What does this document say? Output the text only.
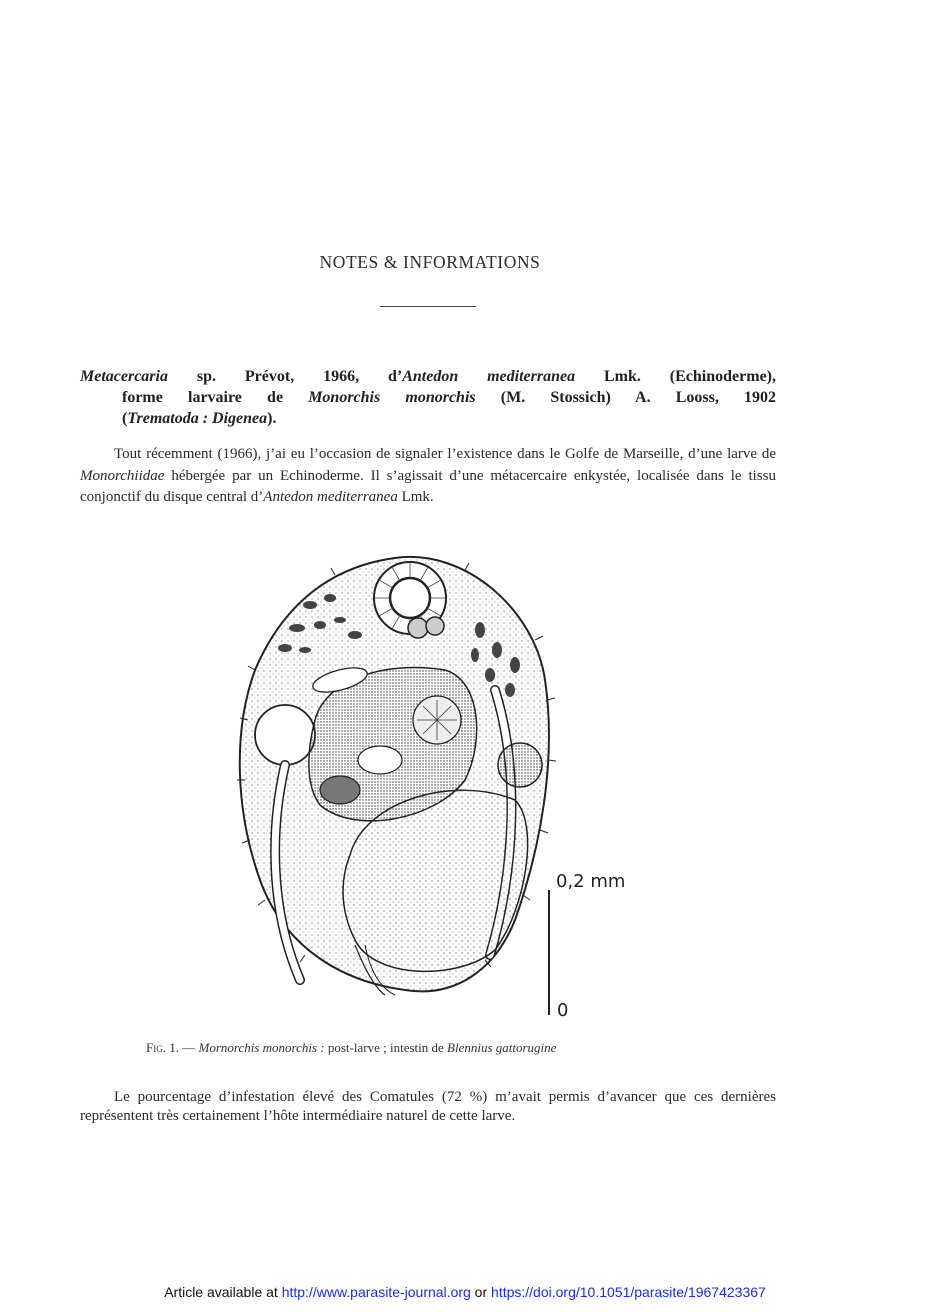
NOTES & INFORMATIONS
Metacercaria sp. Prévot, 1966, d’Antedon mediterranea Lmk. (Echinoderme),
forme larvaire de Monorchis monorchis (M. Stossich) A. Looss, 1902
(Trematoda : Digenea).
Tout récemment (1966), j’ai eu l’occasion de signaler l’existence dans le Golfe de Marseille, d’une larve de Monorchiidae hébergée par un Echinoderme. Il s’agissait d’une métacercaire enkystée, localisée dans le tissu conjonctif du disque central d’Antedon mediterranea Lmk.
0,2 mm
0
Fig. 1. — Mornorchis monorchis : post-larve ; intestin de Blennius gattorugine
Le pourcentage d’infestation élevé des Comatules (72 %) m’avait permis d’avancer que ces dernières représentent très certainement l’hôte intermédiaire naturel de cette larve.
Article available at http://www.parasite-journal.org or https://doi.org/10.1051/parasite/1967423367
